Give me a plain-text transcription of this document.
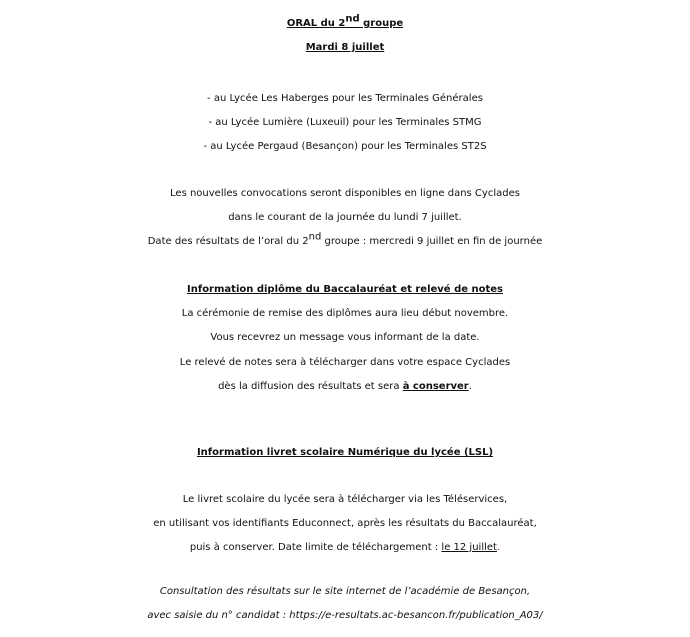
ORAL du 2nd groupe
Mardi 8 juillet
- au Lycée Les Haberges pour les Terminales Générales
- au Lycée Lumière (Luxeuil) pour les Terminales STMG
- au Lycée Pergaud (Besançon) pour les Terminales ST2S
Les nouvelles convocations seront disponibles en ligne dans Cyclades
dans le courant de la journée du lundi 7 juillet.
Date des résultats de l’oral du 2nd groupe : mercredi 9 juillet en fin de journée
Information diplôme du Baccalauréat et relevé de notes
La cérémonie de remise des diplômes aura lieu début novembre.
Vous recevrez un message vous informant de la date.
Le relevé de notes sera à télécharger dans votre espace Cyclades
dès la diffusion des résultats et sera à conserver.
Information livret scolaire Numérique du lycée (LSL)
Le livret scolaire du lycée sera à télécharger via les Téléservices,
en utilisant vos identifiants Educonnect, après les résultats du Baccalauréat,
puis à conserver. Date limite de téléchargement : le 12 juillet.
Consultation des résultats sur le site internet de l’académie de Besançon,
avec saisie du n° candidat : https://e-resultats.ac-besancon.fr/publication_A03/
